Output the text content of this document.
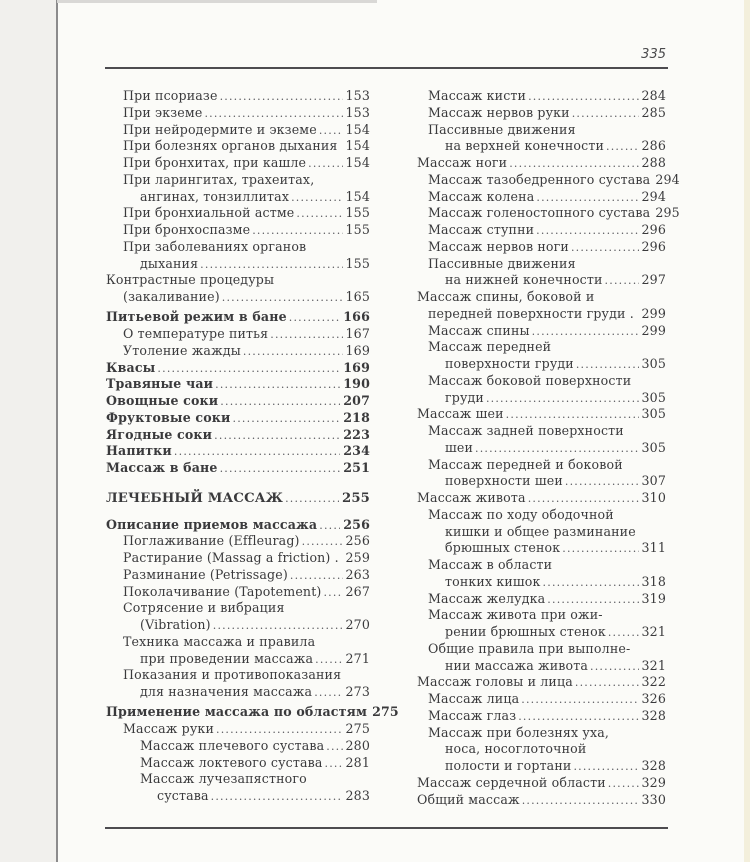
335
При псориазе .....	153
При экземе .....	153
При нейродермите и экземе ..... 154
При болезнях органов дыхания 154
При бронхитах, при кашле .....	154
При ларингитах, трахеитах,
ангинах, тонзиллитах .....	154
При бронхиальной астме .....	155
При бронхоспазме .....	155
При заболеваниях органов
дыхания .....	155
Контрастные процедуры
(закаливание) .....	165
Питьевой режим в бане .....	166
О температуре питья .....	167
Утоление жажды .....	169
Квасы .....	169
Травяные чаи .....	190
Овощные соки .....	207
Фруктовые соки .....	218
Ягодные соки .....	223
Напитки .....	234
Массаж в бане .....	251
ЛЕЧЕБНЫЙ МАССАЖ .....	255
Описание приемов массажа ..... 256
Поглаживание (Effleurag) .....	256
Растирание (Massag a friction) . 259
Разминание (Petrissage) .....	263
Поколачивание (Tapotement) ..... 267
Сотрясение и вибрация
(Vibration) .....	270
Техника массажа и правила
при проведении массажа .....	271
Показания и противопоказания
для назначения массажа .....	273
Применение массажа по областям 275
Массаж руки .....	275
Массаж плечевого сустава ..... 280
Массаж локтевого сустава ..... 281
Массаж лучезапястного
сустава .....	283
Массаж кисти .....	284
Массаж нервов руки .....	285
Пассивные движения
на верхней конечности .....	286
Массаж ноги .....	288
Массаж тазобедренного сустава 294
Массаж колена .....	294
Массаж голеностопного сустава 295
Массаж ступни .....	296
Массаж нервов ноги .....	296
Пассивные движения
на нижней конечности .....	297
Массаж спины, боковой и
передней поверхности груди . 299
Массаж спины .....	299
Массаж передней
поверхности груди .....	305
Массаж боковой поверхности
груди .....	305
Массаж шеи .....	305
Массаж задней поверхности
шеи .....	305
Массаж передней и боковой
поверхности шеи .....	307
Массаж живота .....	310
Массаж по ходу ободочной
кишки и общее разминание
брюшных стенок .....	311
Массаж в области
тонких кишок .....	318
Массаж желудка .....	319
Массаж живота при ожи-
рении брюшных стенок .....	321
Общие правила при выполне-
нии массажа живота .....	321
Массаж головы и лица .....	322
Массаж лица .....	326
Массаж глаз .....	328
Массаж при болезнях уха,
носа, носоглоточной
полости и гортани .....	328
Массаж сердечной области .....	329
Общий массаж .....	330
